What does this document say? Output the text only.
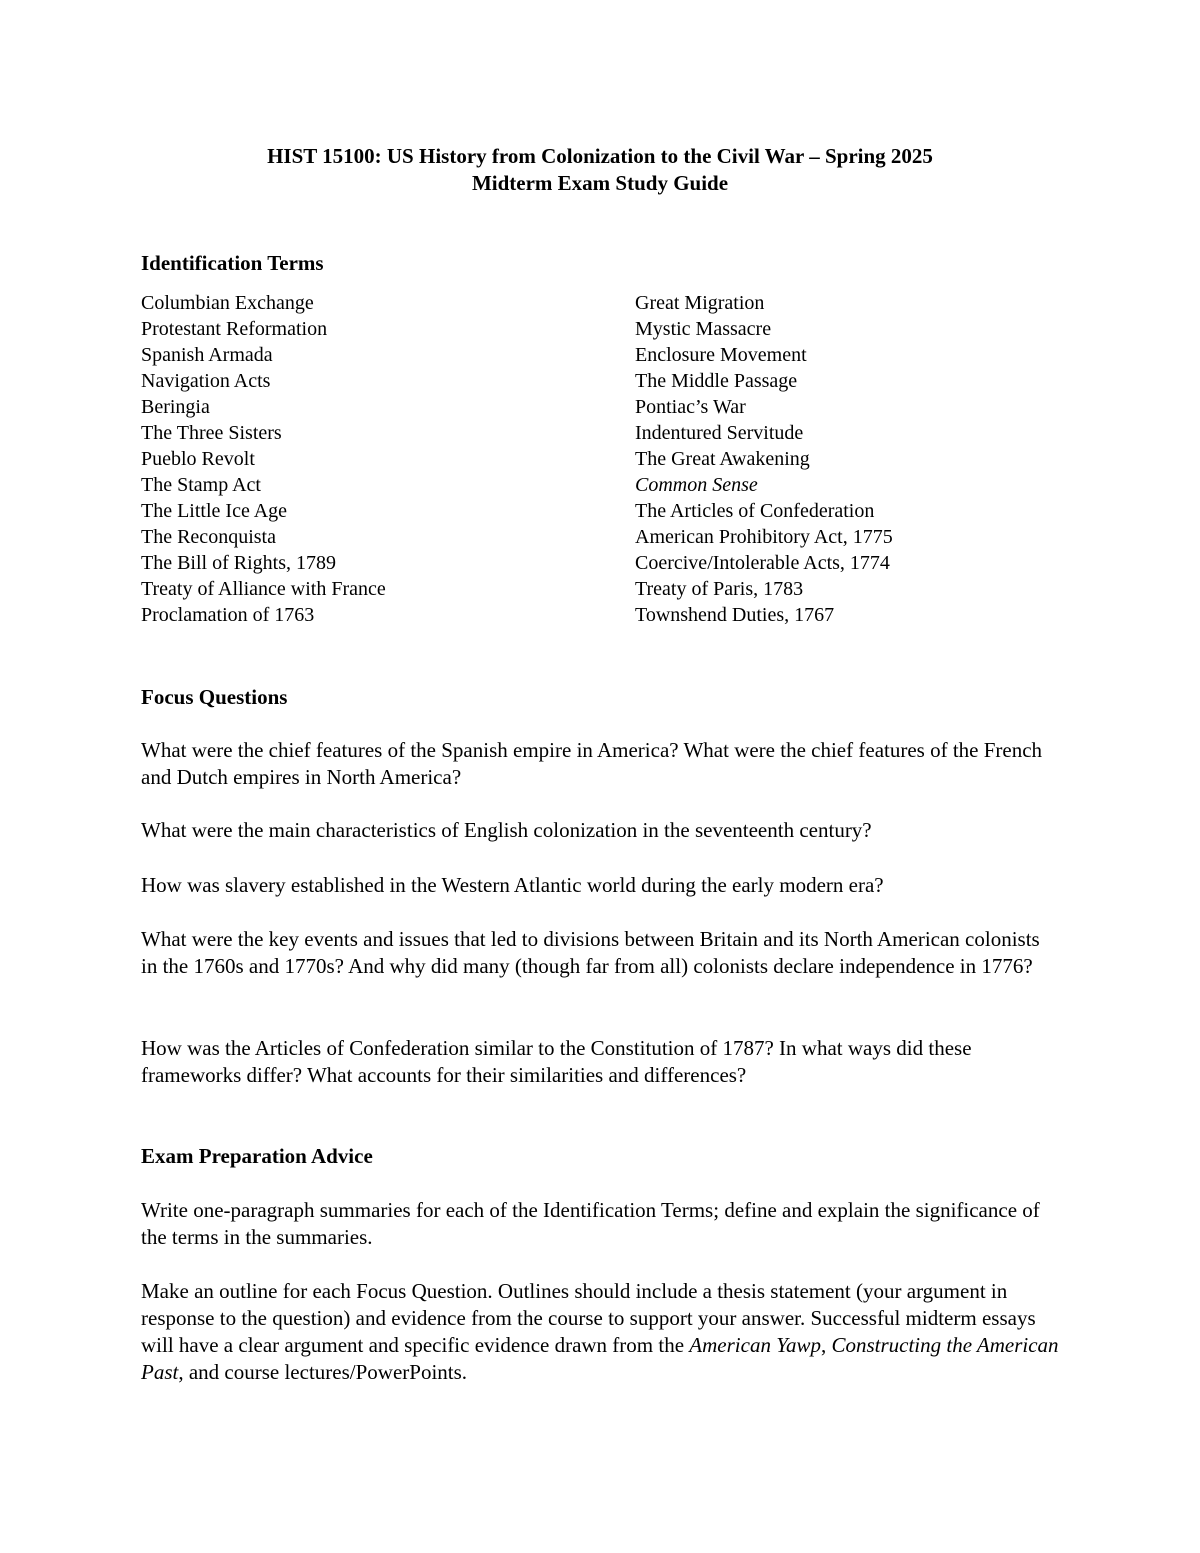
HIST 15100: US History from Colonization to the Civil War – Spring 2025
Midterm Exam Study Guide
Identification Terms
Columbian Exchange
Protestant Reformation
Spanish Armada
Navigation Acts
Beringia
The Three Sisters
Pueblo Revolt
The Stamp Act
The Little Ice Age
The Reconquista
The Bill of Rights, 1789
Treaty of Alliance with France
Proclamation of 1763
Great Migration
Mystic Massacre
Enclosure Movement
The Middle Passage
Pontiac’s War
Indentured Servitude
The Great Awakening
Common Sense
The Articles of Confederation
American Prohibitory Act, 1775
Coercive/Intolerable Acts, 1774
Treaty of Paris, 1783
Townshend Duties, 1767
Focus Questions

What were the chief features of the Spanish empire in America? What were the chief features of the French and Dutch empires in North America?

What were the main characteristics of English colonization in the seventeenth century?

How was slavery established in the Western Atlantic world during the early modern era?

What were the key events and issues that led to divisions between Britain and its North American colonists in the 1760s and 1770s? And why did many (though far from all) colonists declare independence in 1776?

How was the Articles of Confederation similar to the Constitution of 1787? In what ways did these frameworks differ? What accounts for their similarities and differences?

Exam Preparation Advice

Write one-paragraph summaries for each of the Identification Terms; define and explain the significance of the terms in the summaries.

Make an outline for each Focus Question. Outlines should include a thesis statement (your argument in response to the question) and evidence from the course to support your answer. Successful midterm essays will have a clear argument and specific evidence drawn from the American Yawp, Constructing the American Past, and course lectures/PowerPoints.
